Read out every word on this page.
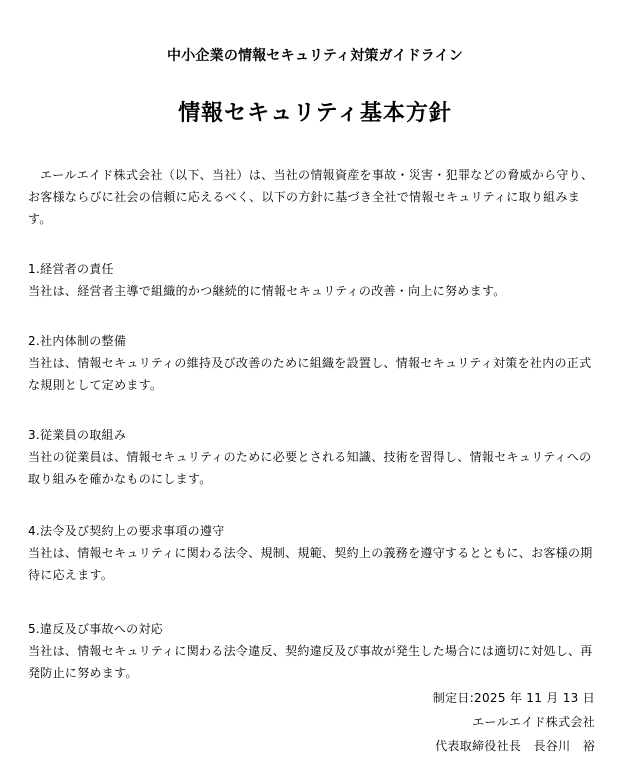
中小企業の情報セキュリティ対策ガイドライン
情報セキュリティ基本方針
エールエイド株式会社（以下、当社）は、当社の情報資産を事故・災害・犯罪などの脅威から守り、お客様ならびに社会の信頼に応えるべく、以下の方針に基づき全社で情報セキュリティに取り組みます。
1.経営者の責任
当社は、経営者主導で組織的かつ継続的に情報セキュリティの改善・向上に努めます。
2.社内体制の整備
当社は、情報セキュリティの維持及び改善のために組織を設置し、情報セキュリティ対策を社内の正式な規則として定めます。
3.従業員の取組み
当社の従業員は、情報セキュリティのために必要とされる知識、技術を習得し、情報セキュリティへの取り組みを確かなものにします。
4.法令及び契約上の要求事項の遵守
当社は、情報セキュリティに関わる法令、規制、規範、契約上の義務を遵守するとともに、お客様の期待に応えます。
5.違反及び事故への対応
当社は、情報セキュリティに関わる法令違反、契約違反及び事故が発生した場合には適切に対処し、再発防止に努めます。
制定日:2025 年 11 月 13 日
エールエイド株式会社
代表取締役社長　長谷川　裕
